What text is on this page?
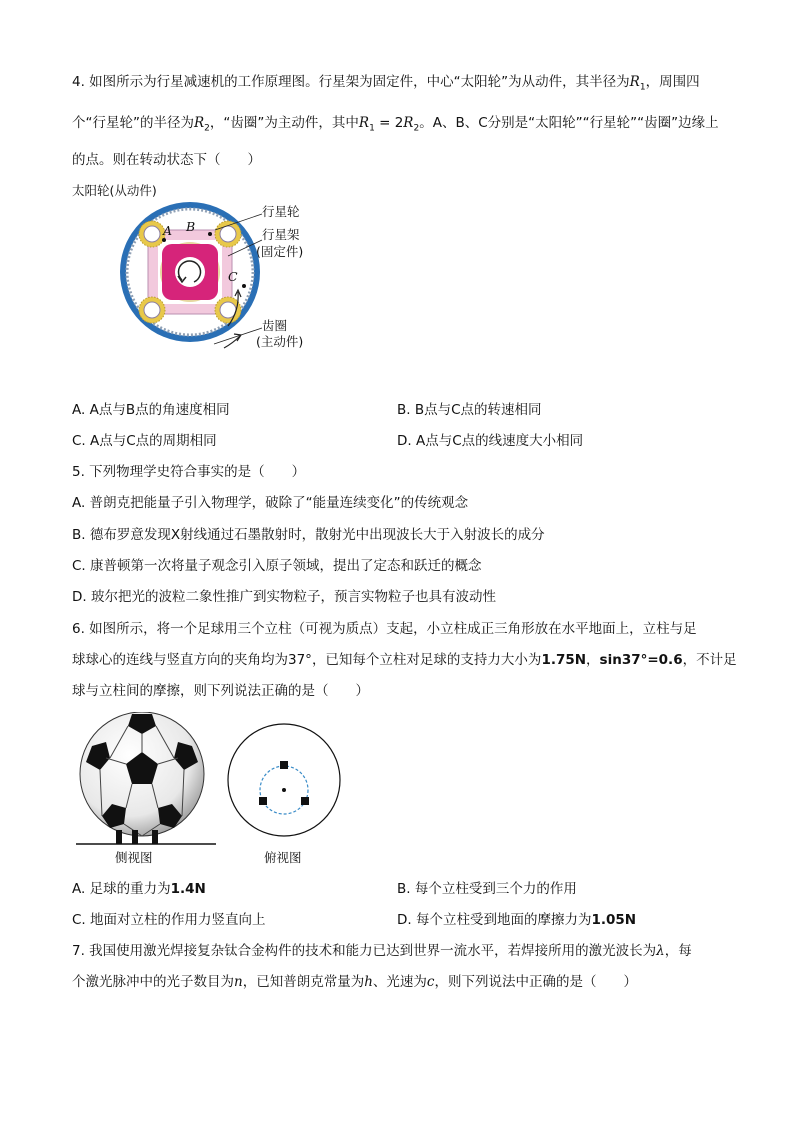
4. 如图所示为行星减速机的工作原理图。行星架为固定件，中心“太阳轮”为从动件，其半径为$R_1$，周围四
个“行星轮”的半径为$R_2$，“齿圈”为主动件，其中$R_1 = 2R_2$。A、B、C分别是“太阳轮”“行星轮”“齿圈”边缘上
的点。则在转动状态下（　　）
太阳轮(从动件)
行星轮
行星架
(固定件)
齿圈
(主动件)
A B
C
A. A点与B点的角速度相同	B. B点与C点的转速相同
C. A点与C点的周期相同	D. A点与C点的线速度大小相同
5. 下列物理学史符合事实的是（　　）
A. 普朗克把能量子引入物理学，破除了“能量连续变化”的传统观念
B. 德布罗意发现X射线通过石墨散射时，散射光中出现波长大于入射波长的成分
C. 康普顿第一次将量子观念引入原子领域，提出了定态和跃迁的概念
D. 玻尔把光的波粒二象性推广到实物粒子，预言实物粒子也具有波动性
6. 如图所示，将一个足球用三个立柱（可视为质点）支起，小立柱成正三角形放在水平地面上，立柱与足
球球心的连线与竖直方向的夹角均为37°，已知每个立柱对足球的支持力大小为1.75N，sin37°=0.6，不计足
球与立柱间的摩擦，则下列说法正确的是（　　）
侧视图	俯视图
A. 足球的重力为1.4N	B. 每个立柱受到三个力的作用
C. 地面对立柱的作用力竖直向上	D. 每个立柱受到地面的摩擦力为1.05N
7. 我国使用激光焊接复杂钛合金构件的技术和能力已达到世界一流水平，若焊接所用的激光波长为λ，每
个激光脉冲中的光子数目为n，已知普朗克常量为h、光速为c，则下列说法中正确的是（　　）
